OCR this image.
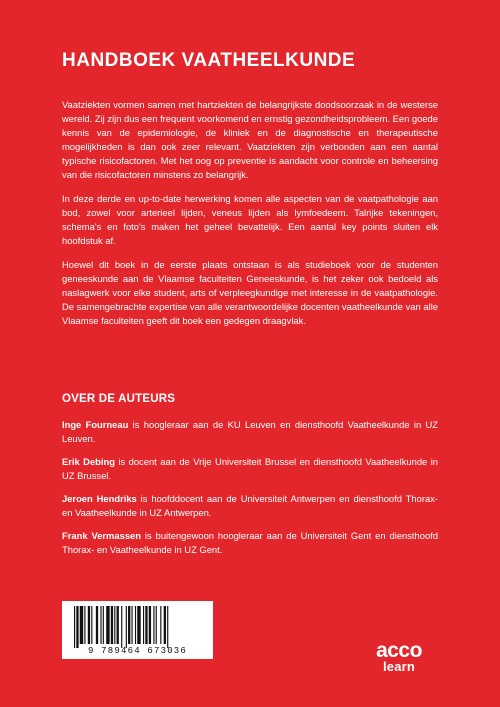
HANDBOEK VAATHEELKUNDE

Vaatziekten vormen samen met hartziekten de belangrijkste doodsoorzaak in de westerse wereld. Zij zijn dus een frequent voorkomend en ernstig gezondheidsprobleem. Een goede kennis van de epidemiologie, de kliniek en de diagnostische en therapeutische mogelijkheden is dan ook zeer relevant. Vaatziekten zijn verbonden aan een aantal typische risicofactoren. Met het oog op preventie is aandacht voor controle en beheersing van die risicofactoren minstens zo belangrijk.

In deze derde en up-to-date herwerking komen alle aspecten van de vaatpathologie aan bod, zowel voor arterieel lijden, veneus lijden als lymfoedeem. Talrijke tekeningen, schema's en foto's maken het geheel bevattelijk. Een aantal key points sluiten elk hoofdstuk af.

Hoewel dit boek in de eerste plaats ontstaan is als studieboek voor de studenten geneeskunde aan de Vlaamse faculteiten Geneeskunde, is het zeker ook bedoeld als naslagwerk voor elke student, arts of verpleegkundige met interesse in de vaatpathologie. De samengebrachte expertise van alle verantwoordelijke docenten vaatheelkunde van alle Vlaamse faculteiten geeft dit boek een gedegen draagvlak.

OVER DE AUTEURS

Inge Fourneau is hoogleraar aan de KU Leuven en diensthoofd Vaatheelkunde in UZ Leuven.

Erik Debing is docent aan de Vrije Universiteit Brussel en diensthoofd Vaatheelkunde in UZ Brussel.

Jeroen Hendriks is hoofddocent aan de Universiteit Antwerpen en diensthoofd Thorax- en Vaatheelkunde in UZ Antwerpen.

Frank Vermassen is buitengewoon hoogleraar aan de Universiteit Gent en diensthoofd Thorax- en Vaatheelkunde in UZ Gent.

9 789464 673036	acco
learn
